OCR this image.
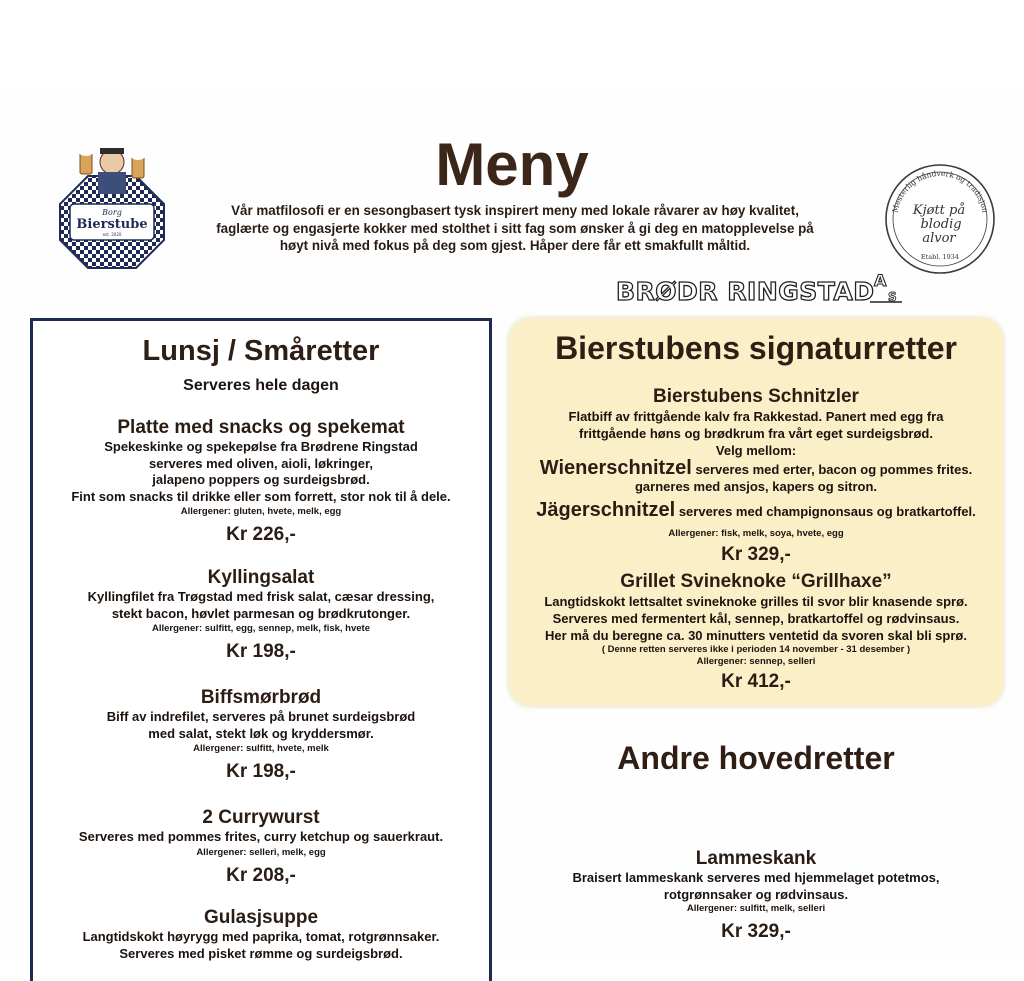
Borg
Bierstube
est. 2020
Mesterlig håndverk og tradisjon
Kjøtt på
blodig
alvor
Etabl. 1934
BRØDR RINGSTAD A
S
Meny
Vår matfilosofi er en sesongbasert tysk inspirert meny med lokale råvarer av høy kvalitet,
faglærte og engasjerte kokker med stolthet i sitt fag som ønsker å gi deg en matopplevelse på
høyt nivå med fokus på deg som gjest. Håper dere får ett smakfullt måltid.
Lunsj / Småretter
Serveres hele dagen
Platte med snacks og spekemat
Spekeskinke og spekepølse fra Brødrene Ringstad
serveres med oliven, aioli, løkringer,
jalapeno poppers og surdeigsbrød.
Fint som snacks til drikke eller som forrett, stor nok til å dele.
Allergener: gluten, hvete, melk, egg
Kr 226,-
Kyllingsalat
Kyllingfilet fra Trøgstad med frisk salat, cæsar dressing,
stekt bacon, høvlet parmesan og brødkrutonger.
Allergener: sulfitt, egg, sennep, melk, fisk, hvete
Kr 198,-
Biffsmørbrød
Biff av indrefilet, serveres på brunet surdeigsbrød
med salat, stekt løk og kryddersmør.
Allergener: sulfitt, hvete, melk
Kr 198,-
2 Currywurst
Serveres med pommes frites, curry ketchup og sauerkraut.
Allergener: selleri, melk, egg
Kr 208,-
Gulasjsuppe
Langtidskokt høyrygg med paprika, tomat, rotgrønnsaker.
Serveres med pisket rømme og surdeigsbrød.
Bierstubens signaturretter
Bierstubens Schnitzler
Flatbiff av frittgående kalv fra Rakkestad. Panert med egg fra
frittgående høns og brødkrum fra vårt eget surdeigsbrød.
Velg mellom:
Wienerschnitzel serveres med erter, bacon og pommes frites.
garneres med ansjos, kapers og sitron.
Jägerschnitzel serveres med champignonsaus og bratkartoffel.
Allergener: fisk, melk, soya, hvete, egg
Kr 329,-
Grillet Svineknoke “Grillhaxe”
Langtidskokt lettsaltet svineknoke grilles til svor blir knasende sprø.
Serveres med fermentert kål, sennep, bratkartoffel og rødvinsaus.
Her må du beregne ca. 30 minutters ventetid da svoren skal bli sprø.
( Denne retten serveres ikke i perioden 14 november - 31 desember )
Allergener: sennep, selleri
Kr 412,-
Andre hovedretter
Lammeskank
Braisert lammeskank serveres med hjemmelaget potetmos,
rotgrønnsaker og rødvinsaus.
Allergener: sulfitt, melk, selleri
Kr 329,-
